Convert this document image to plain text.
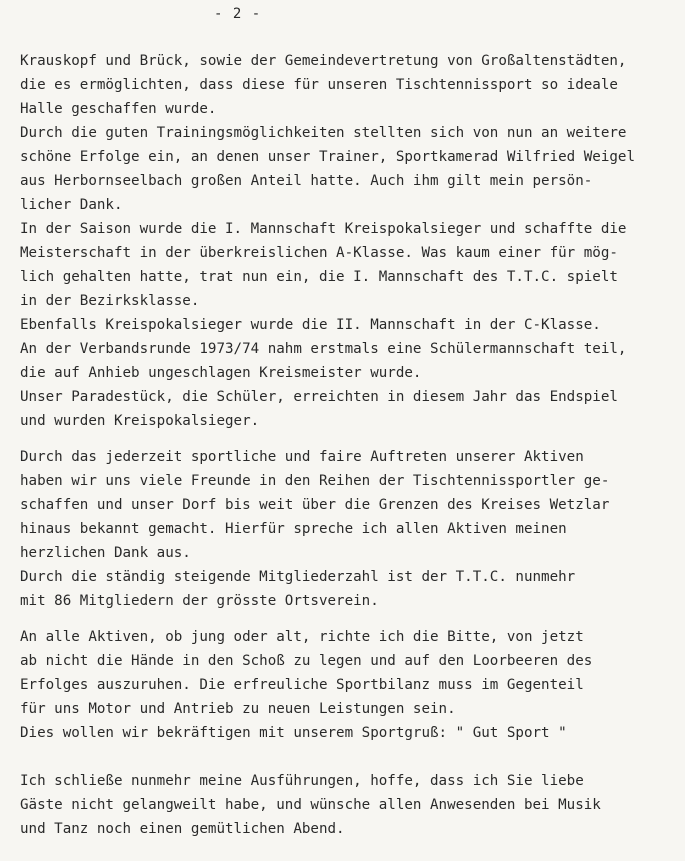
- 2 -
Krauskopf und Brück, sowie der Gemeindevertretung von Großaltenstädten,
die es ermöglichten, dass diese für unseren Tischtennissport so ideale
Halle geschaffen wurde.
Durch die guten Trainingsmöglichkeiten stellten sich von nun an weitere
schöne Erfolge ein, an denen unser Trainer, Sportkamerad Wilfried Weigel
aus Herbornseelbach großen Anteil hatte. Auch ihm gilt mein persön-
licher Dank.
In der Saison wurde die I. Mannschaft Kreispokalsieger und schaffte die
Meisterschaft in der überkreislichen A-Klasse. Was kaum einer für mög-
lich gehalten hatte, trat nun ein, die I. Mannschaft des T.T.C. spielt
in der Bezirksklasse.
Ebenfalls Kreispokalsieger wurde die II. Mannschaft in der C-Klasse.
An der Verbandsrunde 1973/74 nahm erstmals eine Schülermannschaft teil,
die auf Anhieb ungeschlagen Kreismeister wurde.
Unser Paradestück, die Schüler, erreichten in diesem Jahr das Endspiel
und wurden Kreispokalsieger.
Durch das jederzeit sportliche und faire Auftreten unserer Aktiven
haben wir uns viele Freunde in den Reihen der Tischtennissportler ge-
schaffen und unser Dorf bis weit über die Grenzen des Kreises Wetzlar
hinaus bekannt gemacht. Hierfür spreche ich allen Aktiven meinen
herzlichen Dank aus.
Durch die ständig steigende Mitgliederzahl ist der T.T.C. nunmehr
mit 86 Mitgliedern der grösste Ortsverein.
An alle Aktiven, ob jung oder alt, richte ich die Bitte, von jetzt
ab nicht die Hände in den Schoß zu legen und auf den Loorbeeren des
Erfolges auszuruhen. Die erfreuliche Sportbilanz muss im Gegenteil
für uns Motor und Antrieb zu neuen Leistungen sein.
Dies wollen wir bekräftigen mit unserem Sportgruß: " Gut Sport "
Ich schließe nunmehr meine Ausführungen, hoffe, dass ich Sie liebe
Gäste nicht gelangweilt habe, und wünsche allen Anwesenden bei Musik
und Tanz noch einen gemütlichen Abend.
